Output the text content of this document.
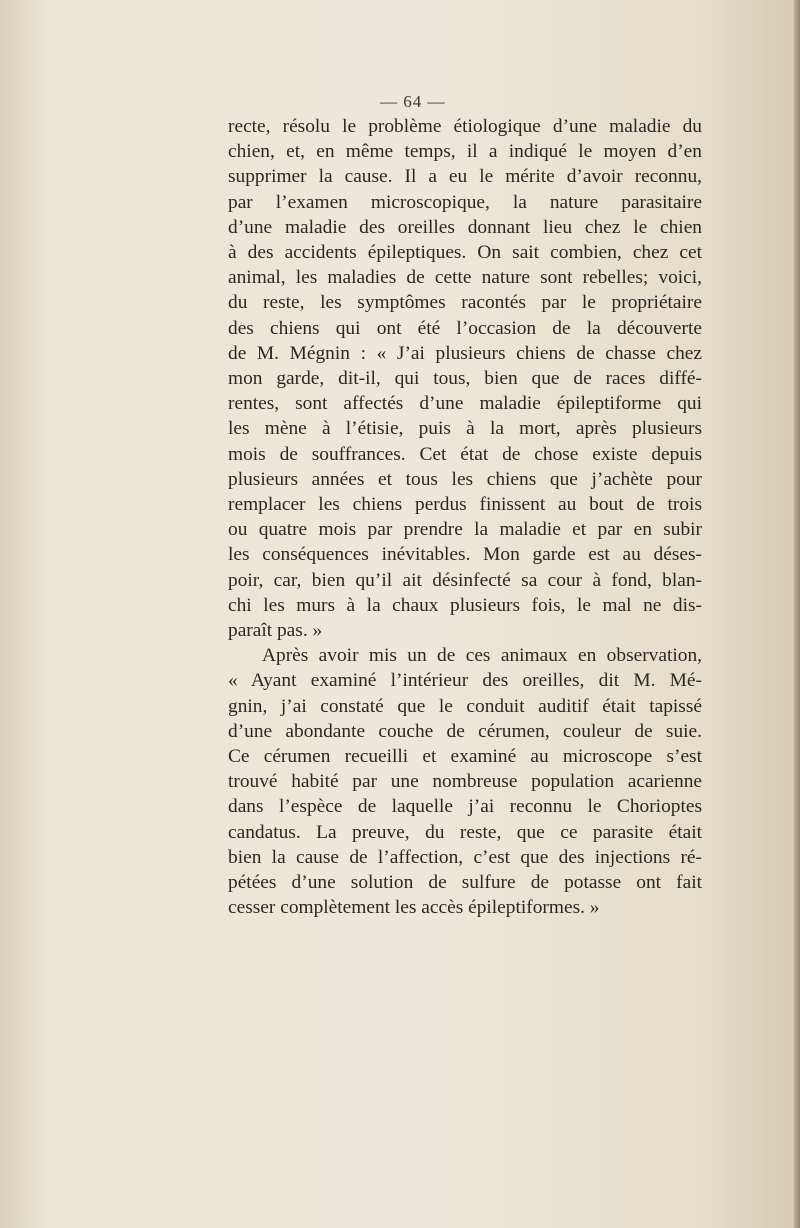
— 64 —
recte, résolu le problème étiologique d’une maladie du
chien, et, en même temps, il a indiqué le moyen d’en
supprimer la cause. Il a eu le mérite d’avoir reconnu,
par l’examen microscopique, la nature parasitaire
d’une maladie des oreilles donnant lieu chez le chien
à des accidents épileptiques. On sait combien, chez cet
animal, les maladies de cette nature sont rebelles; voici,
du reste, les symptômes racontés par le propriétaire
des chiens qui ont été l’occasion de la découverte
de M. Mégnin : « J’ai plusieurs chiens de chasse chez
mon garde, dit-il, qui tous, bien que de races diffé-
rentes, sont affectés d’une maladie épileptiforme qui
les mène à l’étisie, puis à la mort, après plusieurs
mois de souffrances. Cet état de chose existe depuis
plusieurs années et tous les chiens que j’achète pour
remplacer les chiens perdus finissent au bout de trois
ou quatre mois par prendre la maladie et par en subir
les conséquences inévitables. Mon garde est au déses-
poir, car, bien qu’il ait désinfecté sa cour à fond, blan-
chi les murs à la chaux plusieurs fois, le mal ne dis-
paraît pas. »
Après avoir mis un de ces animaux en observation,
« Ayant examiné l’intérieur des oreilles, dit M. Mé-
gnin, j’ai constaté que le conduit auditif était tapissé
d’une abondante couche de cérumen, couleur de suie.
Ce cérumen recueilli et examiné au microscope s’est
trouvé habité par une nombreuse population acarienne
dans l’espèce de laquelle j’ai reconnu le Chorioptes
candatus. La preuve, du reste, que ce parasite était
bien la cause de l’affection, c’est que des injections ré-
pétées d’une solution de sulfure de potasse ont fait
cesser complètement les accès épileptiformes. »
